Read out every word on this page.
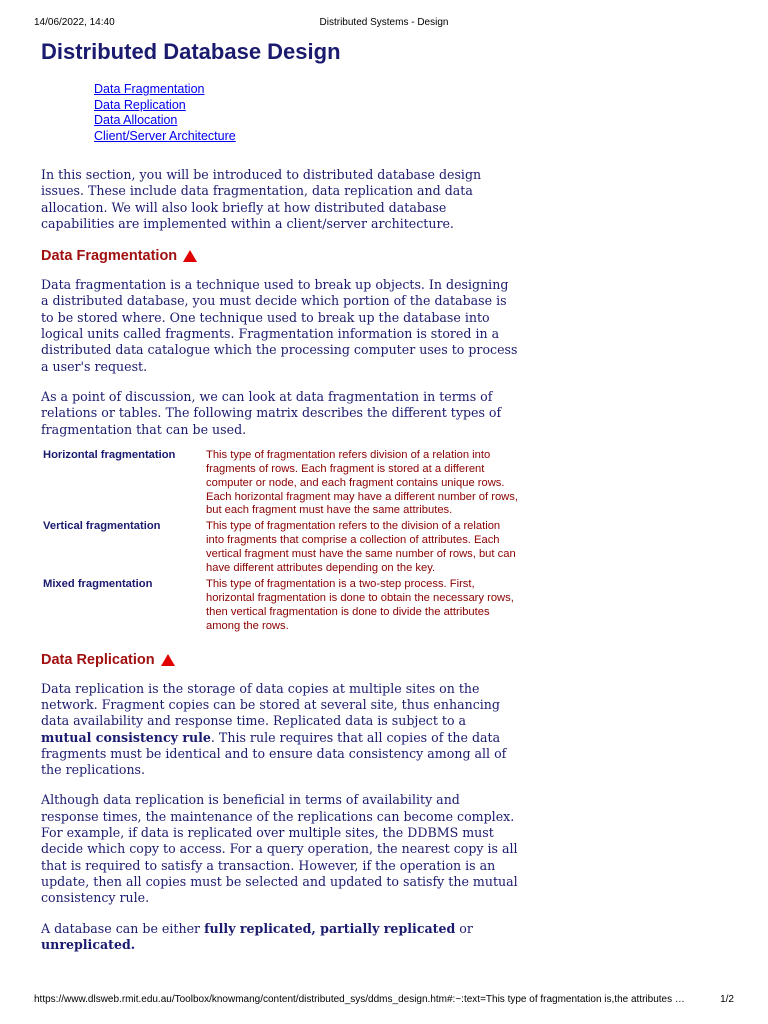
14/06/2022, 14:40	Distributed Systems - Design
Distributed Database Design
Data Fragmentation
Data Replication
Data Allocation
Client/Server Architecture

In this section, you will be introduced to distributed database design issues. These include data fragmentation, data replication and data allocation. We will also look briefly at how distributed database capabilities are implemented within a client/server architecture.

Data Fragmentation

Data fragmentation is a technique used to break up objects. In designing a distributed database, you must decide which portion of the database is to be stored where. One technique used to break up the database into logical units called fragments. Fragmentation information is stored in a distributed data catalogue which the processing computer uses to process a user's request.

As a point of discussion, we can look at data fragmentation in terms of relations or tables. The following matrix describes the different types of fragmentation that can be used.

Horizontal fragmentation	This type of fragmentation refers division of a relation into fragments of rows. Each fragment is stored at a different computer or node, and each fragment contains unique rows. Each horizontal fragment may have a different number of rows, but each fragment must have the same attributes.
Vertical fragmentation	This type of fragmentation refers to the division of a relation into fragments that comprise a collection of attributes. Each vertical fragment must have the same number of rows, but can have different attributes depending on the key.
Mixed fragmentation	This type of fragmentation is a two-step process. First, horizontal fragmentation is done to obtain the necessary rows, then vertical fragmentation is done to divide the attributes among the rows.
Data Replication

Data replication is the storage of data copies at multiple sites on the network. Fragment copies can be stored at several site, thus enhancing data availability and response time. Replicated data is subject to a mutual consistency rule. This rule requires that all copies of the data fragments must be identical and to ensure data consistency among all of the replications.

Although data replication is beneficial in terms of availability and response times, the maintenance of the replications can become complex. For example, if data is replicated over multiple sites, the DDBMS must decide which copy to access. For a query operation, the nearest copy is all that is required to satisfy a transaction. However, if the operation is an update, then all copies must be selected and updated to satisfy the mutual consistency rule.

A database can be either fully replicated, partially replicated or unreplicated.

https://www.dlsweb.rmit.edu.au/Toolbox/knowmang/content/distributed_sys/ddms_design.htm#:~:text=This type of fragmentation is,the attributes …	1/2
